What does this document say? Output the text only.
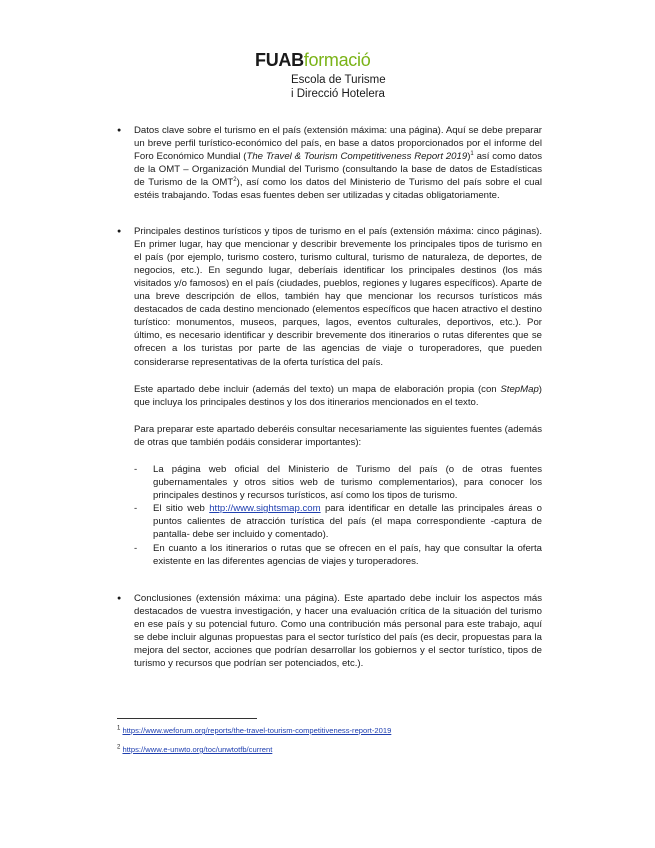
FUABformació
Escola de Turisme
i Direcció Hotelera
● Datos clave sobre el turismo en el país (extensión máxima: una página). Aquí se debe preparar un breve perfil turístico-económico del país, en base a datos proporcionados por el informe del Foro Económico Mundial (The Travel & Tourism Competitiveness Report 2019)$^1$ así como datos de la OMT – Organización Mundial del Turismo (consultando la base de datos de Estadísticas de Turismo de la OMT$^2$), así como los datos del Ministerio de Turismo del país sobre el cual estéis trabajando. Todas esas fuentes deben ser utilizadas y citadas obligatoriamente.
● Principales destinos turísticos y tipos de turismo en el país (extensión máxima: cinco páginas). En primer lugar, hay que mencionar y describir brevemente los principales tipos de turismo en el país (por ejemplo, turismo costero, turismo cultural, turismo de naturaleza, de deportes, de negocios, etc.). En segundo lugar, deberíais identificar los principales destinos (los más visitados y/o famosos) en el país (ciudades, pueblos, regiones y lugares específicos). Aparte de una breve descripción de ellos, también hay que mencionar los recursos turísticos más destacados de cada destino mencionado (elementos específicos que hacen atractivo el destino turístico: monumentos, museos, parques, lagos, eventos culturales, deportivos, etc.). Por último, es necesario identificar y describir brevemente dos itinerarios o rutas diferentes que se ofrecen a los turistas por parte de las agencias de viaje o turoperadores, que pueden considerarse representativas de la oferta turística del país.
Este apartado debe incluir (además del texto) un mapa de elaboración propia (con StepMap) que incluya los principales destinos y los dos itinerarios mencionados en el texto.
Para preparar este apartado deberéis consultar necesariamente las siguientes fuentes (además de otras que también podáis considerar importantes):
- La página web oficial del Ministerio de Turismo del país (o de otras fuentes gubernamentales y otros sitios web de turismo complementarios), para conocer los principales destinos y recursos turísticos, así como los tipos de turismo.
- El sitio web http://www.sightsmap.com para identificar en detalle las principales áreas o puntos calientes de atracción turística del país (el mapa correspondiente -captura de pantalla- debe ser incluido y comentado).
- En cuanto a los itinerarios o rutas que se ofrecen en el país, hay que consultar la oferta existente en las diferentes agencias de viajes y turoperadores.
● Conclusiones (extensión máxima: una página). Este apartado debe incluir los aspectos más destacados de vuestra investigación, y hacer una evaluación crítica de la situación del turismo en ese país y su potencial futuro. Como una contribución más personal para este trabajo, aquí se debe incluir algunas propuestas para el sector turístico del país (es decir, propuestas para la mejora del sector, acciones que podrían desarrollar los gobiernos y el sector turístico, tipos de turismo y recursos que podrían ser potenciados, etc.).
$^1$ https://www.weforum.org/reports/the-travel-tourism-competitiveness-report-2019
$^2$ https://www.e-unwto.org/toc/unwtotfb/current
